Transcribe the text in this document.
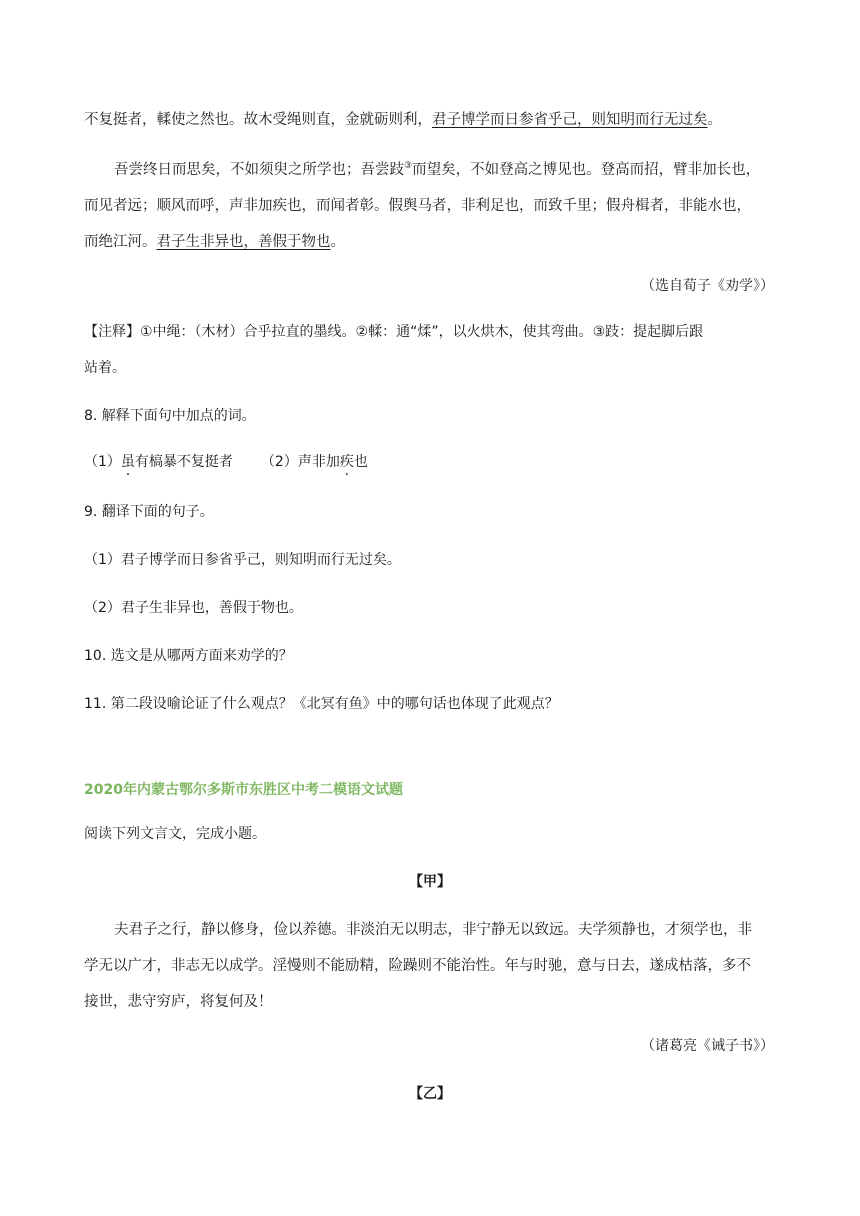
不复挺者，輮使之然也。故木受绳则直，金就砺则利，君子博学而日参省乎己，则知明而行无过矣。
吾尝终日而思矣，不如须臾之所学也；吾尝跂③而望矣，不如登高之博见也。登高而招，臂非加长也，
而见者远；顺风而呼，声非加疾也，而闻者彰。假舆马者，非利足也，而致千里；假舟楫者，非能水也，
而绝江河。君子生非异也，善假于物也。
（选自荀子《劝学》）
【注释】①中绳：（木材）合乎拉直的墨线。②輮：通“煣”，以火烘木，使其弯曲。③跂：提起脚后跟
站着。
8. 解释下面句中加点的词。
（1）虽有槁暴不复挺者 （2）声非加疾也
9. 翻译下面的句子。
（1）君子博学而日参省乎己，则知明而行无过矣。
（2）君子生非异也，善假于物也。
10. 选文是从哪两方面来劝学的？
11. 第二段设喻论证了什么观点？《北冥有鱼》中的哪句话也体现了此观点？
2020年内蒙古鄂尔多斯市东胜区中考二模语文试题
阅读下列文言文，完成小题。
【甲】
夫君子之行，静以修身，俭以养德。非淡泊无以明志，非宁静无以致远。夫学须静也，才须学也，非
学无以广才，非志无以成学。淫慢则不能励精，险躁则不能治性。年与时驰，意与日去，遂成枯落，多不
接世，悲守穷庐，将复何及！
（诸葛亮《诫子书》）
【乙】
